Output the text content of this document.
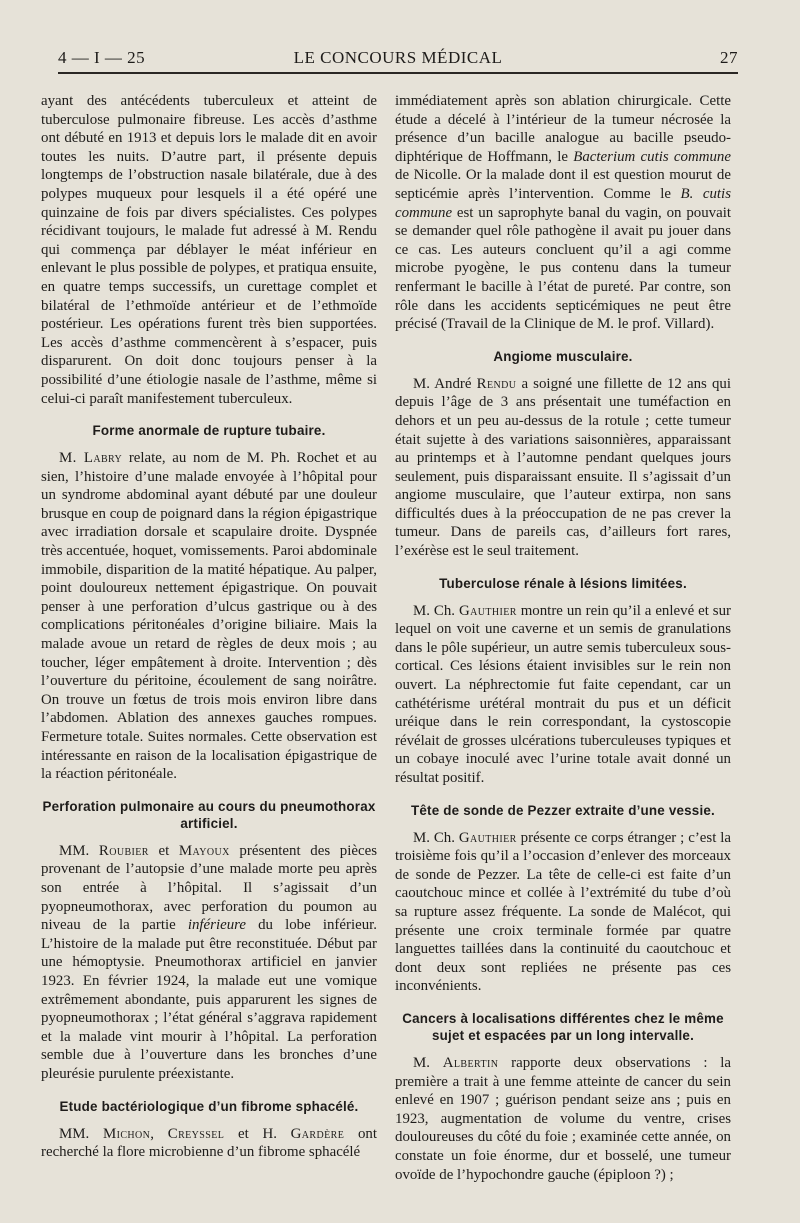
4 — I — 25	LE CONCOURS MÉDICAL	27

ayant des antécédents tuberculeux et atteint de tuberculose pulmonaire fibreuse. Les accès d’asthme ont débuté en 1913 et depuis lors le malade dit en avoir toutes les nuits. D’autre part, il présente depuis longtemps de l’obstruction nasale bilatérale, due à des polypes muqueux pour lesquels il a été opéré une quinzaine de fois par divers spécialistes. Ces polypes récidivant toujours, le malade fut adressé à M. Rendu qui commença par déblayer le méat inférieur en enlevant le plus possible de polypes, et pratiqua ensuite, en quatre temps successifs, un curettage complet et bilatéral de l’ethmoïde antérieur et de l’ethmoïde postérieur. Les opérations furent très bien supportées. Les accès d’asthme commencèrent à s’espacer, puis disparurent. On doit donc toujours penser à la possibilité d’une étiologie nasale de l’asthme, même si celui-ci paraît manifestement tuberculeux.

Forme anormale de rupture tubaire.

M. Labry relate, au nom de M. Ph. Rochet et au sien, l’histoire d’une malade envoyée à l’hôpital pour un syndrome abdominal ayant débuté par une douleur brusque en coup de poignard dans la région épigastrique avec irradiation dorsale et scapulaire droite. Dyspnée très accentuée, hoquet, vomissements. Paroi abdominale immobile, disparition de la matité hépatique. Au palper, point douloureux nettement épigastrique. On pouvait penser à une perforation d’ulcus gastrique ou à des complications péritonéales d’origine biliaire. Mais la malade avoue un retard de règles de deux mois ; au toucher, léger empâtement à droite. Intervention ; dès l’ouverture du péritoine, écoulement de sang noirâtre. On trouve un fœtus de trois mois environ libre dans l’abdomen. Ablation des annexes gauches rompues. Fermeture totale. Suites normales. Cette observation est intéressante en raison de la localisation épigastrique de la réaction péritonéale.

Perforation pulmonaire au cours du pneumothorax artificiel.

MM. Roubier et Mayoux présentent des pièces provenant de l’autopsie d’une malade morte peu après son entrée à l’hôpital. Il s’agissait d’un pyopneumothorax, avec perforation du poumon au niveau de la partie inférieure du lobe inférieur. L’histoire de la malade put être reconstituée. Début par une hémoptysie. Pneumothorax artificiel en janvier 1923. En février 1924, la malade eut une vomique extrêmement abondante, puis apparurent les signes de pyopneumothorax ; l’état général s’aggrava rapidement et la malade vint mourir à l’hôpital. La perforation semble due à l’ouverture dans les bronches d’une pleurésie purulente préexistante.

Etude bactériologique d’un fibrome sphacélé.

MM. Michon, Creyssel et H. Gardère ont recherché la flore microbienne d’un fibrome sphacélé

immédiatement après son ablation chirurgicale. Cette étude a décelé à l’intérieur de la tumeur nécrosée la présence d’un bacille analogue au bacille pseudo-diphtérique de Hoffmann, le Bacterium cutis commune de Nicolle. Or la malade dont il est question mourut de septicémie après l’intervention. Comme le B. cutis commune est un saprophyte banal du vagin, on pouvait se demander quel rôle pathogène il avait pu jouer dans ce cas. Les auteurs concluent qu’il a agi comme microbe pyogène, le pus contenu dans la tumeur renfermant le bacille à l’état de pureté. Par contre, son rôle dans les accidents septicémiques ne peut être précisé (Travail de la Clinique de M. le prof. Villard).

Angiome musculaire.

M. André Rendu a soigné une fillette de 12 ans qui depuis l’âge de 3 ans présentait une tuméfaction en dehors et un peu au-dessus de la rotule ; cette tumeur était sujette à des variations saisonnières, apparaissant au printemps et à l’automne pendant quelques jours seulement, puis disparaissant ensuite. Il s’agissait d’un angiome musculaire, que l’auteur extirpa, non sans difficultés dues à la préoccupation de ne pas crever la tumeur. Dans de pareils cas, d’ailleurs fort rares, l’exérèse est le seul traitement.

Tuberculose rénale à lésions limitées.

M. Ch. Gauthier montre un rein qu’il a enlevé et sur lequel on voit une caverne et un semis de granulations dans le pôle supérieur, un autre semis tuberculeux sous-cortical. Ces lésions étaient invisibles sur le rein non ouvert. La néphrectomie fut faite cependant, car un cathétérisme urétéral montrait du pus et un déficit uréique dans le rein correspondant, la cystoscopie révélait de grosses ulcérations tuberculeuses typiques et un cobaye inoculé avec l’urine totale avait donné un résultat positif.

Tête de sonde de Pezzer extraite d’une vessie.

M. Ch. Gauthier présente ce corps étranger ; c’est la troisième fois qu’il a l’occasion d’enlever des morceaux de sonde de Pezzer. La tête de celle-ci est faite d’un caoutchouc mince et collée à l’extrémité du tube d’où sa rupture assez fréquente. La sonde de Malécot, qui présente une croix terminale formée par quatre languettes taillées dans la continuité du caoutchouc et dont deux sont repliées ne présente pas ces inconvénients.

Cancers à localisations différentes chez le même sujet et espacées par un long intervalle.

M. Albertin rapporte deux observations : la première a trait à une femme atteinte de cancer du sein enlevé en 1907 ; guérison pendant seize ans ; puis en 1923, augmentation de volume du ventre, crises douloureuses du côté du foie ; examinée cette année, on constate un foie énorme, dur et bosselé, une tumeur ovoïde de l’hypochondre gauche (épiploon ?) ;
